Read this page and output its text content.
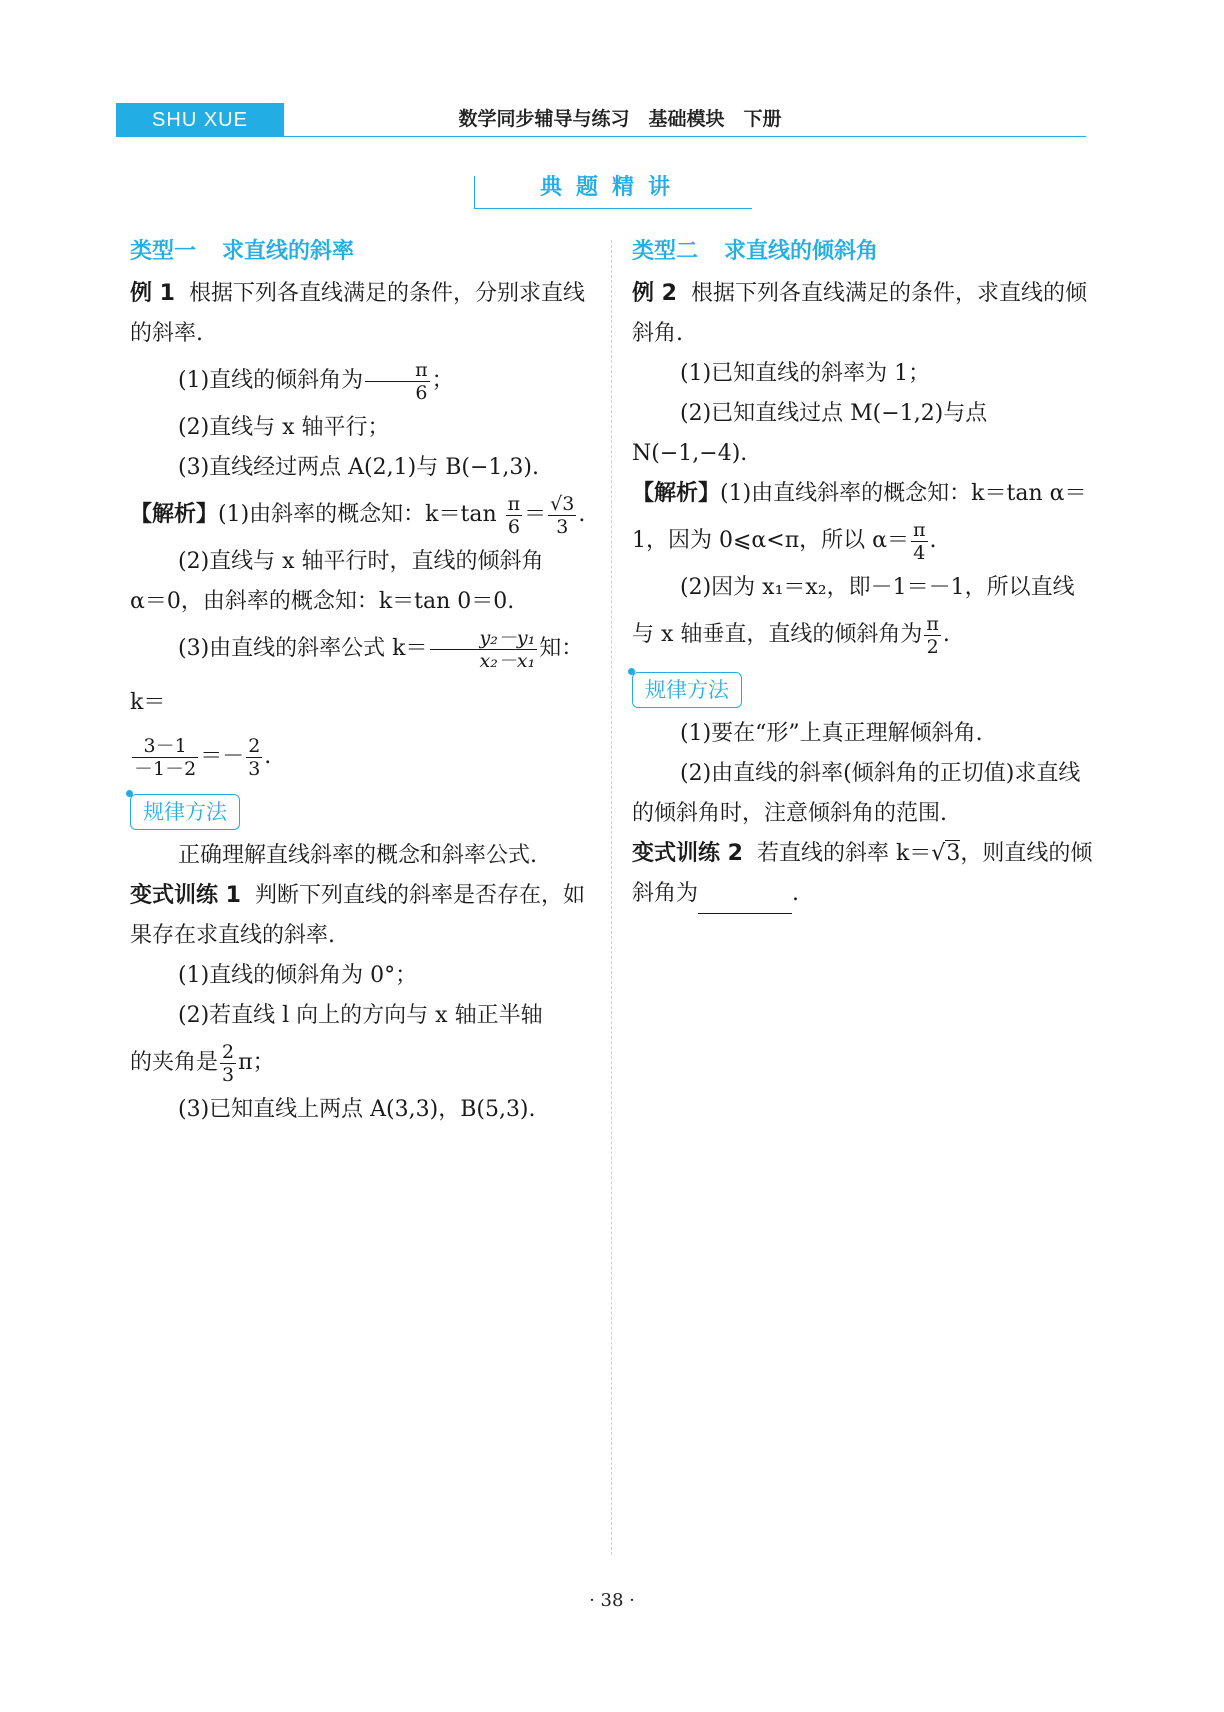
SHU XUE	数学同步辅导与练习　基础模块　下册
典题精讲

类型一 求直线的斜率

例 1 根据下列各直线满足的条件，分别求直线的斜率.

(1)直线的倾斜角为 $\frac{\pi}{6}$ ；

(2)直线与 x 轴平行；

(3)直线经过两点 A(2,1)与 B(−1,3).

【解析】(1)由斜率的概念知：$k=\tan \frac{\pi}{6} = \frac{√3}{3}$ .

(2)直线与 x 轴平行时，直线的倾斜角

α＝0，由斜率的概念知：k＝tan 0＝0.

(3)由直线的斜率公式 $k= \frac{\text{y₂－y₁}}{\text{x₂－x₁}}$ 知：k＝

$\frac{3-1}{-1-2} =- \frac{2}{3}$ .

规律方法

正确理解直线斜率的概念和斜率公式.

变式训练 1 判断下列直线的斜率是否存在，如果存在求直线的斜率.

(1)直线的倾斜角为 0°；

(2)若直线 l 向上的方向与 x 轴正半轴

的夹角是 $\frac{2}{3}$ π；

(3)已知直线上两点 A(3,3)，B(5,3).

类型二 求直线的倾斜角

例 2 根据下列各直线满足的条件，求直线的倾斜角.

(1)已知直线的斜率为 1；

(2)已知直线过点 M(−1,2)与点 N(−1,−4).

【解析】(1)由直线斜率的概念知：k＝tan α＝

1，因为 0⩽α<π，所以 $\alpha= \frac{\pi}{4}$ .

(2)因为 x₁＝x₂，即－1＝－1，所以直线

与 x 轴垂直，直线的倾斜角为 $\frac{\pi}{2}$ .

规律方法

(1)要在“形”上真正理解倾斜角.

(2)由直线的斜率(倾斜角的正切值)求直线的倾斜角时，注意倾斜角的范围.

变式训练 2 若直线的斜率 k＝√3，则直线的倾斜角为	.

· 38 ·
